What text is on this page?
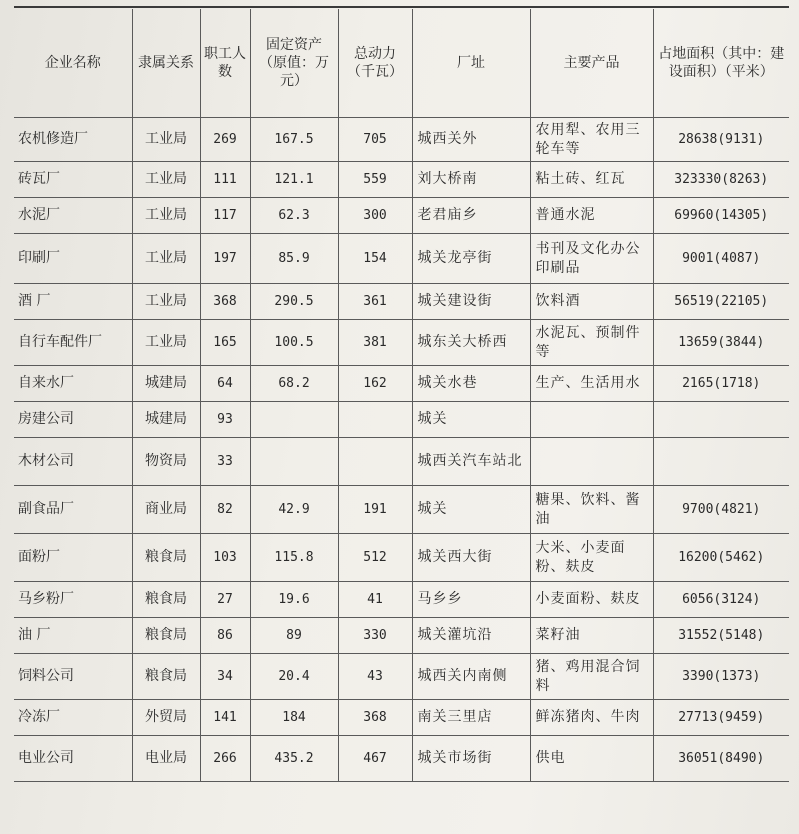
企业名称	隶属关系	职工人数	固定资产（原值：万元）	总动力（千瓦）	厂址	主要产品	占地面积（其中：建设面积）（平米）
农机修造厂	工业局	269	167.5	705	城西关外	农用犁、农用三轮车等	28638(9131)
砖瓦厂	工业局	111	121.1	559	刘大桥南	粘土砖、红瓦	323330(8263)
水泥厂	工业局	117	62.3	300	老君庙乡	普通水泥	69960(14305)
印刷厂	工业局	197	85.9	154	城关龙亭街	书刊及文化办公印刷品	9001(4087)
酒 厂	工业局	368	290.5	361	城关建设街	饮料酒	56519(22105)
自行车配件厂	工业局	165	100.5	381	城东关大桥西	水泥瓦、预制件等	13659(3844)
自来水厂	城建局	64	68.2	162	城关水巷	生产、生活用水	2165(1718)
房建公司	城建局	93			城关		
木材公司	物资局	33			城西关汽车站北		
副食品厂	商业局	82	42.9	191	城关	糖果、饮料、酱油	9700(4821)
面粉厂	粮食局	103	115.8	512	城关西大街	大米、小麦面粉、麸皮	16200(5462)
马乡粉厂	粮食局	27	19.6	41	马乡乡	小麦面粉、麸皮	6056(3124)
油 厂	粮食局	86	89	330	城关灌坑沿	菜籽油	31552(5148)
饲料公司	粮食局	34	20.4	43	城西关内南侧	猪、鸡用混合饲料	3390(1373)
冷冻厂	外贸局	141	184	368	南关三里店	鲜冻猪肉、牛肉	27713(9459)
电业公司	电业局	266	435.2	467	城关市场街	供电	36051(8490)
